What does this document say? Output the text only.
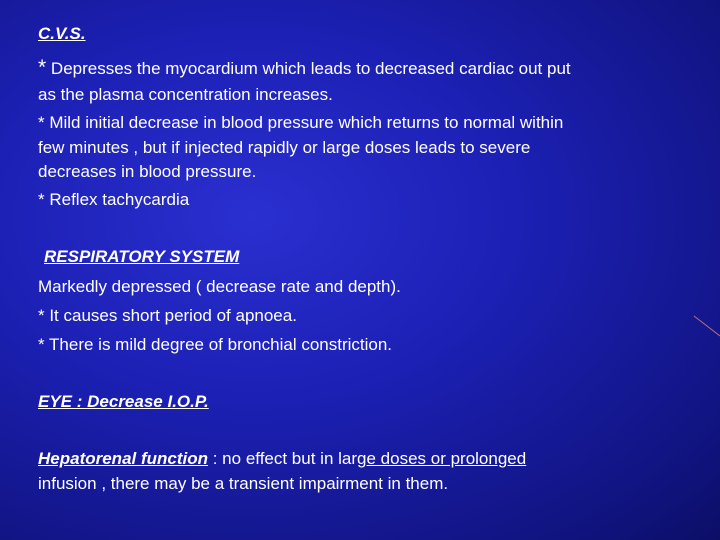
C.V.S.
* Depresses the myocardium which leads to decreased cardiac out put
as the plasma concentration increases.
* Mild initial decrease in blood pressure which returns to normal within
few minutes , but if injected rapidly or large doses leads to severe
decreases in blood pressure.
* Reflex tachycardia
RESPIRATORY SYSTEM
Markedly depressed ( decrease rate and depth).
* It causes short period of apnoea.
* There is mild degree of bronchial constriction.
EYE : Decrease I.O.P.
Hepatorenal function : no effect but in large doses or prolonged
infusion , there may be a transient impairment in them.
